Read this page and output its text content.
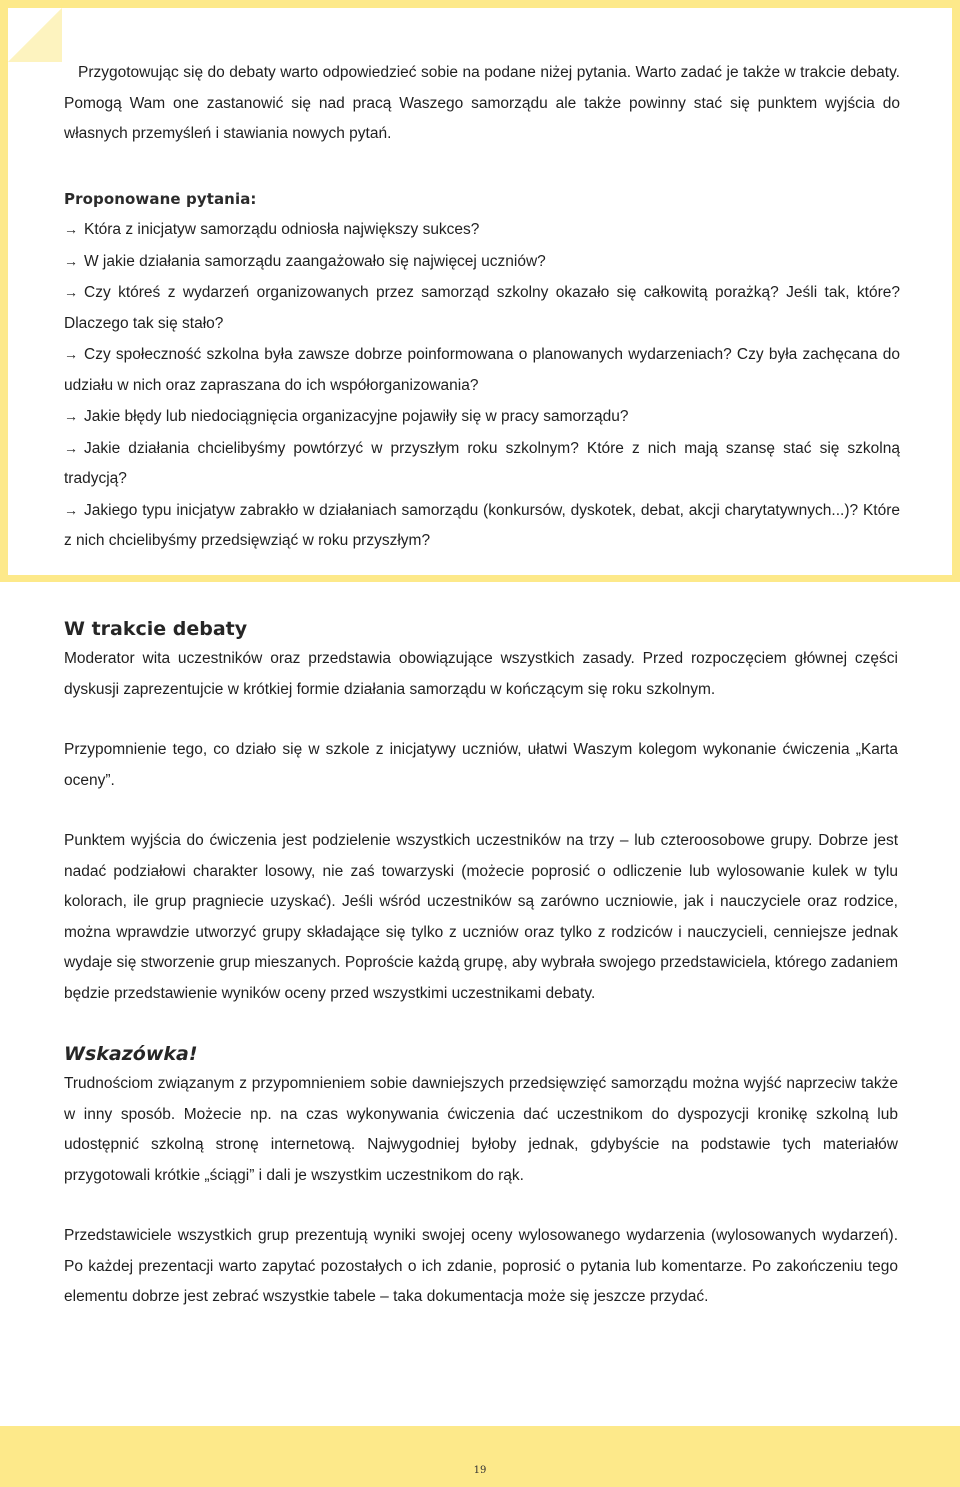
Przygotowując się do debaty warto odpowiedzieć sobie na podane niżej pytania. Warto zadać je także w trakcie debaty. Pomogą Wam one zastanowić się nad pracą Waszego samorządu ale także powinny stać się punktem wyjścia do własnych przemyśleń i stawiania nowych pytań.

Proponowane pytania:

→ Która z inicjatyw samorządu odniosła największy sukces?
→ W jakie działania samorządu zaangażowało się najwięcej uczniów?
→ Czy któreś z wydarzeń organizowanych przez samorząd szkolny okazało się całkowitą porażką? Jeśli tak, które? Dlaczego tak się stało?
→ Czy społeczność szkolna była zawsze dobrze poinformowana o planowanych wydarzeniach? Czy była zachęcana do udziału w nich oraz zapraszana do ich współorganizowania?
→ Jakie błędy lub niedociągnięcia organizacyjne pojawiły się w pracy samorządu?
→ Jakie działania chcielibyśmy powtórzyć w przyszłym roku szkolnym? Które z nich mają szansę stać się szkolną tradycją?
→ Jakiego typu inicjatyw zabrakło w działaniach samorządu (konkursów, dyskotek, debat, akcji charytatywnych...)? Które z nich chcielibyśmy przedsięwziąć w roku przyszłym?
W trakcie debaty

Moderator wita uczestników oraz przedstawia obowiązujące wszystkich zasady. Przed rozpoczęciem głównej części dyskusji zaprezentujcie w krótkiej formie działania samorządu w kończącym się roku szkolnym.

Przypomnienie tego, co działo się w szkole z inicjatywy uczniów, ułatwi Waszym kolegom wykonanie ćwiczenia „Karta oceny”.

Punktem wyjścia do ćwiczenia jest podzielenie wszystkich uczestników na trzy – lub czteroosobowe grupy. Dobrze jest nadać podziałowi charakter losowy, nie zaś towarzyski (możecie poprosić o odliczenie lub wylosowanie kulek w tylu kolorach, ile grup pragniecie uzyskać). Jeśli wśród uczestników są zarówno uczniowie, jak i nauczyciele oraz rodzice, można wprawdzie utworzyć grupy składające się tylko z uczniów oraz tylko z rodziców i nauczycieli, cenniejsze jednak wydaje się stworzenie grup mieszanych. Poproście każdą grupę, aby wybrała swojego przedstawiciela, którego zadaniem będzie przedstawienie wyników oceny przed wszystkimi uczestnikami debaty.

Wskazówka!

Trudnościom związanym z przypomnieniem sobie dawniejszych przedsięwzięć samorządu można wyjść naprzeciw także w inny sposób. Możecie np. na czas wykonywania ćwiczenia dać uczestnikom do dyspozycji kronikę szkolną lub udostępnić szkolną stronę internetową. Najwygodniej byłoby jednak, gdybyście na podstawie tych materiałów przygotowali krótkie „ściągi” i dali je wszystkim uczestnikom do rąk.

Przedstawiciele wszystkich grup prezentują wyniki swojej oceny wylosowanego wydarzenia (wylosowanych wydarzeń). Po każdej prezentacji warto zapytać pozostałych o ich zdanie, poprosić o pytania lub komentarze. Po zakończeniu tego elementu dobrze jest zebrać wszystkie tabele – taka dokumentacja może się jeszcze przydać.

19
